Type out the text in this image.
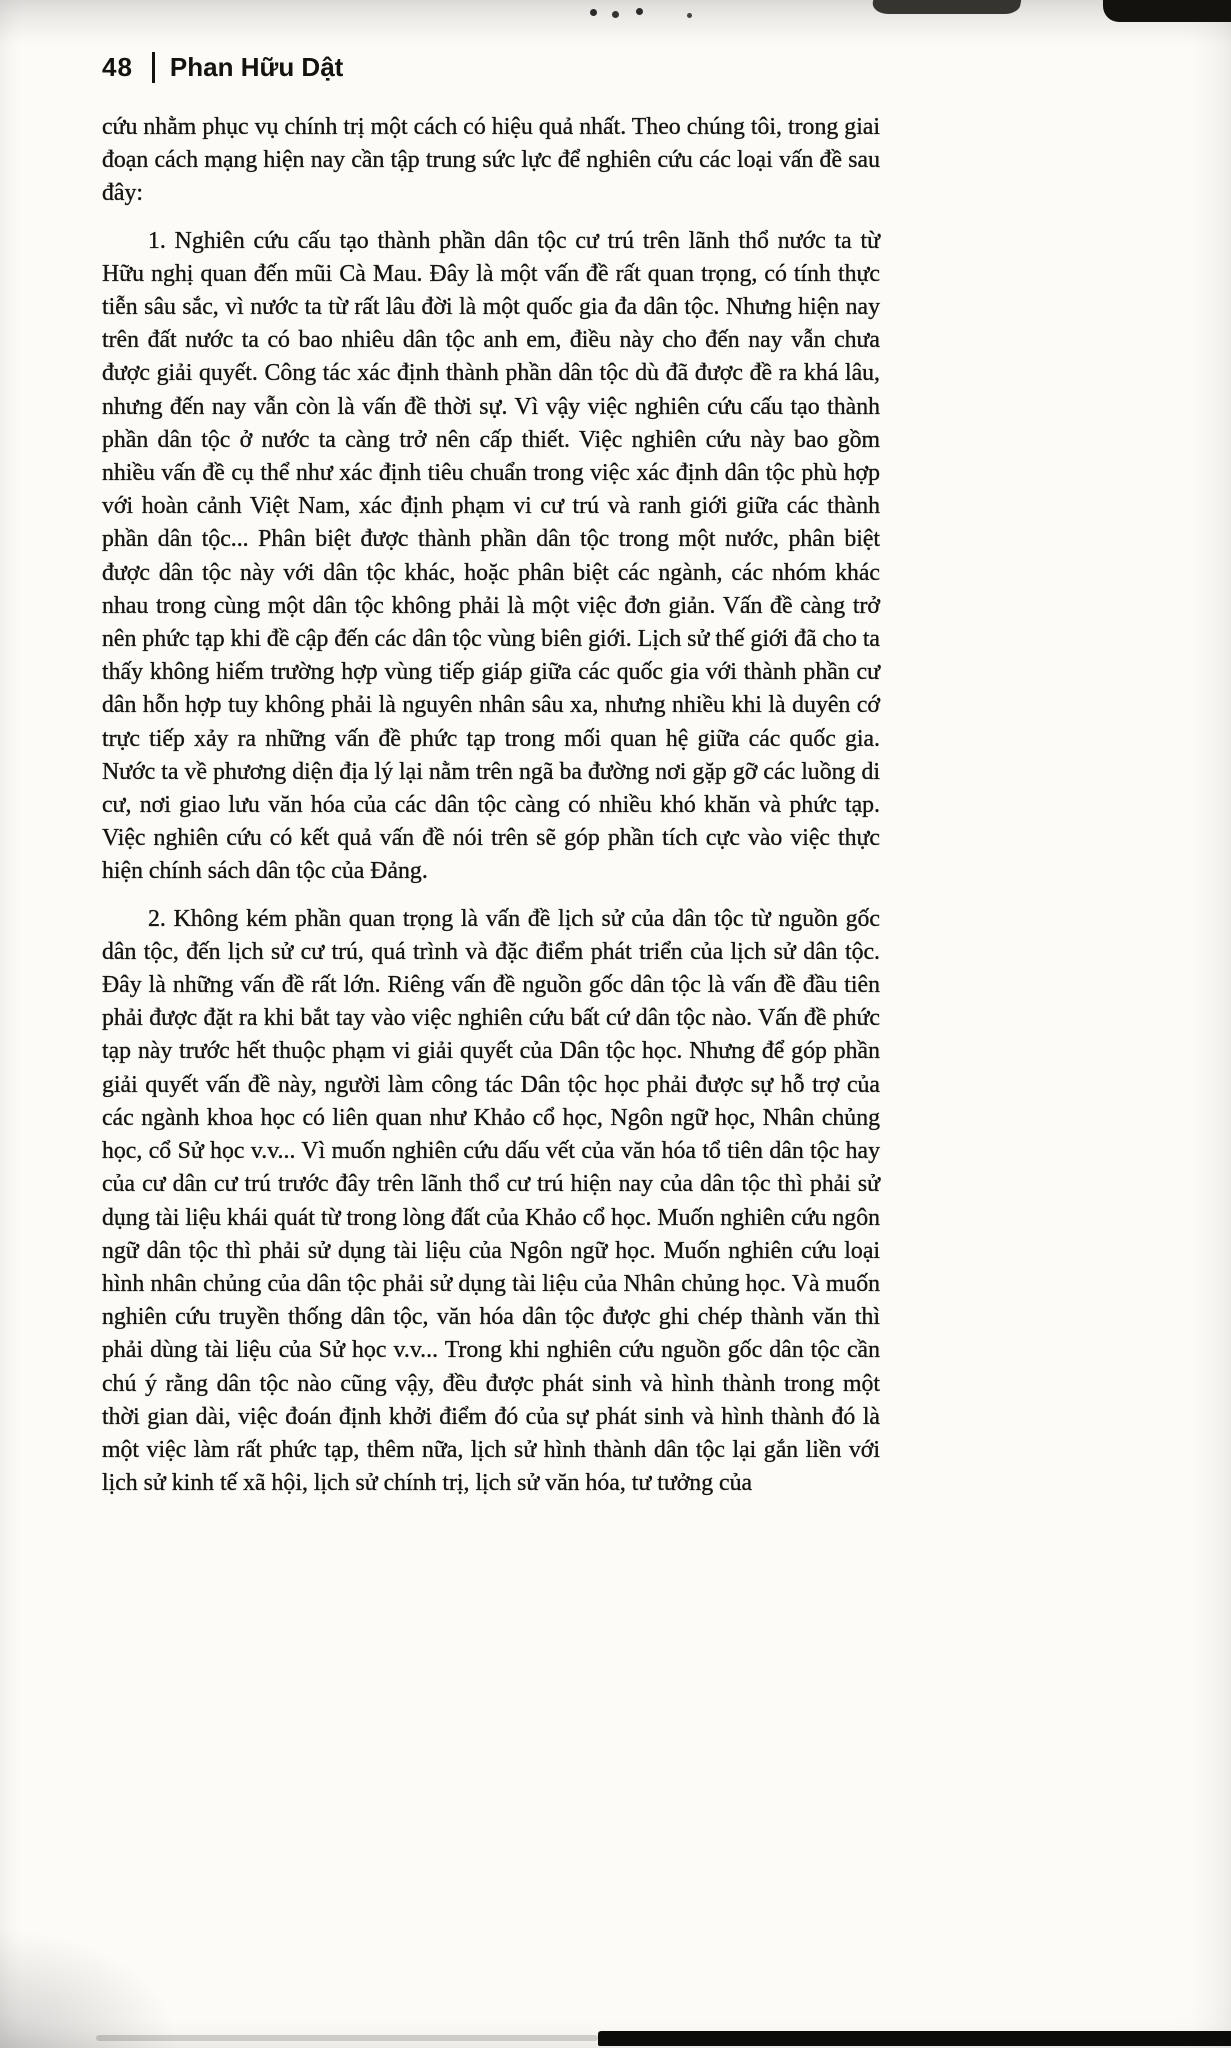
48 Phan Hữu Dật

cứu nhằm phục vụ chính trị một cách có hiệu quả nhất. Theo chúng tôi, trong giai đoạn cách mạng hiện nay cần tập trung sức lực để nghiên cứu các loại vấn đề sau đây:

1. Nghiên cứu cấu tạo thành phần dân tộc cư trú trên lãnh thổ nước ta từ Hữu nghị quan đến mũi Cà Mau. Đây là một vấn đề rất quan trọng, có tính thực tiễn sâu sắc, vì nước ta từ rất lâu đời là một quốc gia đa dân tộc. Nhưng hiện nay trên đất nước ta có bao nhiêu dân tộc anh em, điều này cho đến nay vẫn chưa được giải quyết. Công tác xác định thành phần dân tộc dù đã được đề ra khá lâu, nhưng đến nay vẫn còn là vấn đề thời sự. Vì vậy việc nghiên cứu cấu tạo thành phần dân tộc ở nước ta càng trở nên cấp thiết. Việc nghiên cứu này bao gồm nhiều vấn đề cụ thể như xác định tiêu chuẩn trong việc xác định dân tộc phù hợp với hoàn cảnh Việt Nam, xác định phạm vi cư trú và ranh giới giữa các thành phần dân tộc... Phân biệt được thành phần dân tộc trong một nước, phân biệt được dân tộc này với dân tộc khác, hoặc phân biệt các ngành, các nhóm khác nhau trong cùng một dân tộc không phải là một việc đơn giản. Vấn đề càng trở nên phức tạp khi đề cập đến các dân tộc vùng biên giới. Lịch sử thế giới đã cho ta thấy không hiếm trường hợp vùng tiếp giáp giữa các quốc gia với thành phần cư dân hỗn hợp tuy không phải là nguyên nhân sâu xa, nhưng nhiều khi là duyên cớ trực tiếp xảy ra những vấn đề phức tạp trong mối quan hệ giữa các quốc gia. Nước ta về phương diện địa lý lại nằm trên ngã ba đường nơi gặp gỡ các luồng di cư, nơi giao lưu văn hóa của các dân tộc càng có nhiều khó khăn và phức tạp. Việc nghiên cứu có kết quả vấn đề nói trên sẽ góp phần tích cực vào việc thực hiện chính sách dân tộc của Đảng.

2. Không kém phần quan trọng là vấn đề lịch sử của dân tộc từ nguồn gốc dân tộc, đến lịch sử cư trú, quá trình và đặc điểm phát triển của lịch sử dân tộc. Đây là những vấn đề rất lớn. Riêng vấn đề nguồn gốc dân tộc là vấn đề đầu tiên phải được đặt ra khi bắt tay vào việc nghiên cứu bất cứ dân tộc nào. Vấn đề phức tạp này trước hết thuộc phạm vi giải quyết của Dân tộc học. Nhưng để góp phần giải quyết vấn đề này, người làm công tác Dân tộc học phải được sự hỗ trợ của các ngành khoa học có liên quan như Khảo cổ học, Ngôn ngữ học, Nhân chủng học, cổ Sử học v.v... Vì muốn nghiên cứu dấu vết của văn hóa tổ tiên dân tộc hay của cư dân cư trú trước đây trên lãnh thổ cư trú hiện nay của dân tộc thì phải sử dụng tài liệu khái quát từ trong lòng đất của Khảo cổ học. Muốn nghiên cứu ngôn ngữ dân tộc thì phải sử dụng tài liệu của Ngôn ngữ học. Muốn nghiên cứu loại hình nhân chủng của dân tộc phải sử dụng tài liệu của Nhân chủng học. Và muốn nghiên cứu truyền thống dân tộc, văn hóa dân tộc được ghi chép thành văn thì phải dùng tài liệu của Sử học v.v... Trong khi nghiên cứu nguồn gốc dân tộc cần chú ý rằng dân tộc nào cũng vậy, đều được phát sinh và hình thành trong một thời gian dài, việc đoán định khởi điểm đó của sự phát sinh và hình thành đó là một việc làm rất phức tạp, thêm nữa, lịch sử hình thành dân tộc lại gắn liền với lịch sử kinh tế xã hội, lịch sử chính trị, lịch sử văn hóa, tư tưởng của
